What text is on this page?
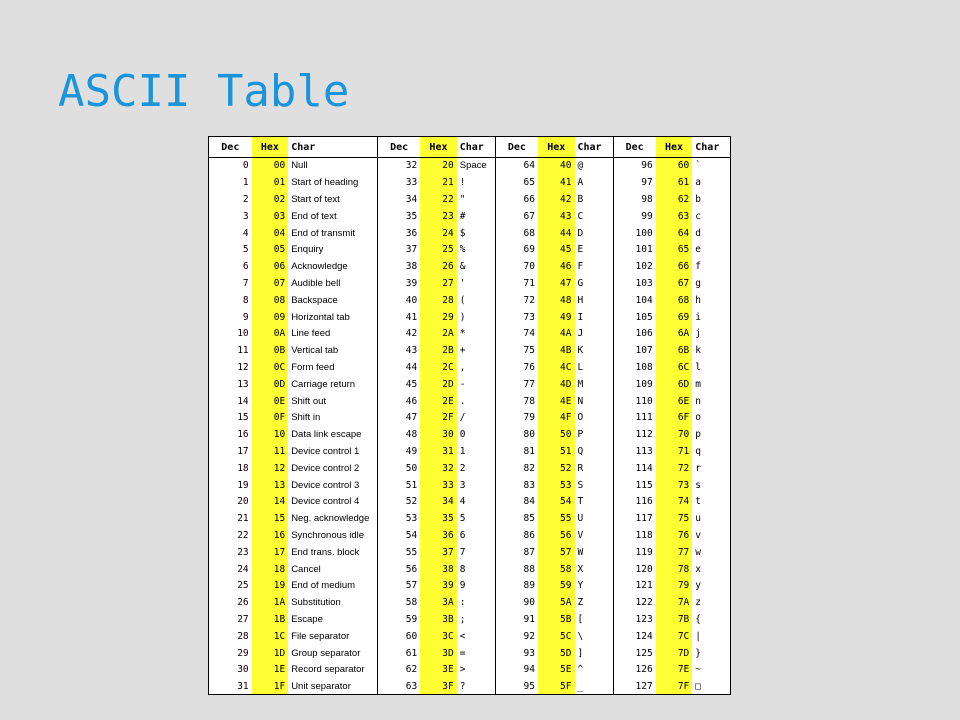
ASCII Table
Dec	Hex	Char	Dec	Hex	Char	Dec	Hex	Char	Dec	Hex	Char
0	00	Null	32	20	Space	64	40	@	96	60	`
1	01	Start of heading	33	21	!	65	41	A	97	61	a
2	02	Start of text	34	22	"	66	42	B	98	62	b
3	03	End of text	35	23	#	67	43	C	99	63	c
4	04	End of transmit	36	24	$	68	44	D	100	64	d
5	05	Enquiry	37	25	%	69	45	E	101	65	e
6	06	Acknowledge	38	26	&	70	46	F	102	66	f
7	07	Audible bell	39	27	'	71	47	G	103	67	g
8	08	Backspace	40	28	(	72	48	H	104	68	h
9	09	Horizontal tab	41	29	)	73	49	I	105	69	i
10	0A	Line feed	42	2A	*	74	4A	J	106	6A	j
11	0B	Vertical tab	43	2B	+	75	4B	K	107	6B	k
12	0C	Form feed	44	2C	,	76	4C	L	108	6C	l
13	0D	Carriage return	45	2D	-	77	4D	M	109	6D	m
14	0E	Shift out	46	2E	.	78	4E	N	110	6E	n
15	0F	Shift in	47	2F	/	79	4F	O	111	6F	o
16	10	Data link escape	48	30	0	80	50	P	112	70	p
17	11	Device control 1	49	31	1	81	51	Q	113	71	q
18	12	Device control 2	50	32	2	82	52	R	114	72	r
19	13	Device control 3	51	33	3	83	53	S	115	73	s
20	14	Device control 4	52	34	4	84	54	T	116	74	t
21	15	Neg. acknowledge	53	35	5	85	55	U	117	75	u
22	16	Synchronous idle	54	36	6	86	56	V	118	76	v
23	17	End trans. block	55	37	7	87	57	W	119	77	w
24	18	Cancel	56	38	8	88	58	X	120	78	x
25	19	End of medium	57	39	9	89	59	Y	121	79	y
26	1A	Substitution	58	3A	:	90	5A	Z	122	7A	z
27	1B	Escape	59	3B	;	91	5B	[	123	7B	{
28	1C	File separator	60	3C	<	92	5C	\	124	7C	|
29	1D	Group separator	61	3D	=	93	5D	]	125	7D	}
30	1E	Record separator	62	3E	>	94	5E	^	126	7E	~
31	1F	Unit separator	63	3F	?	95	5F	_	127	7F	□
